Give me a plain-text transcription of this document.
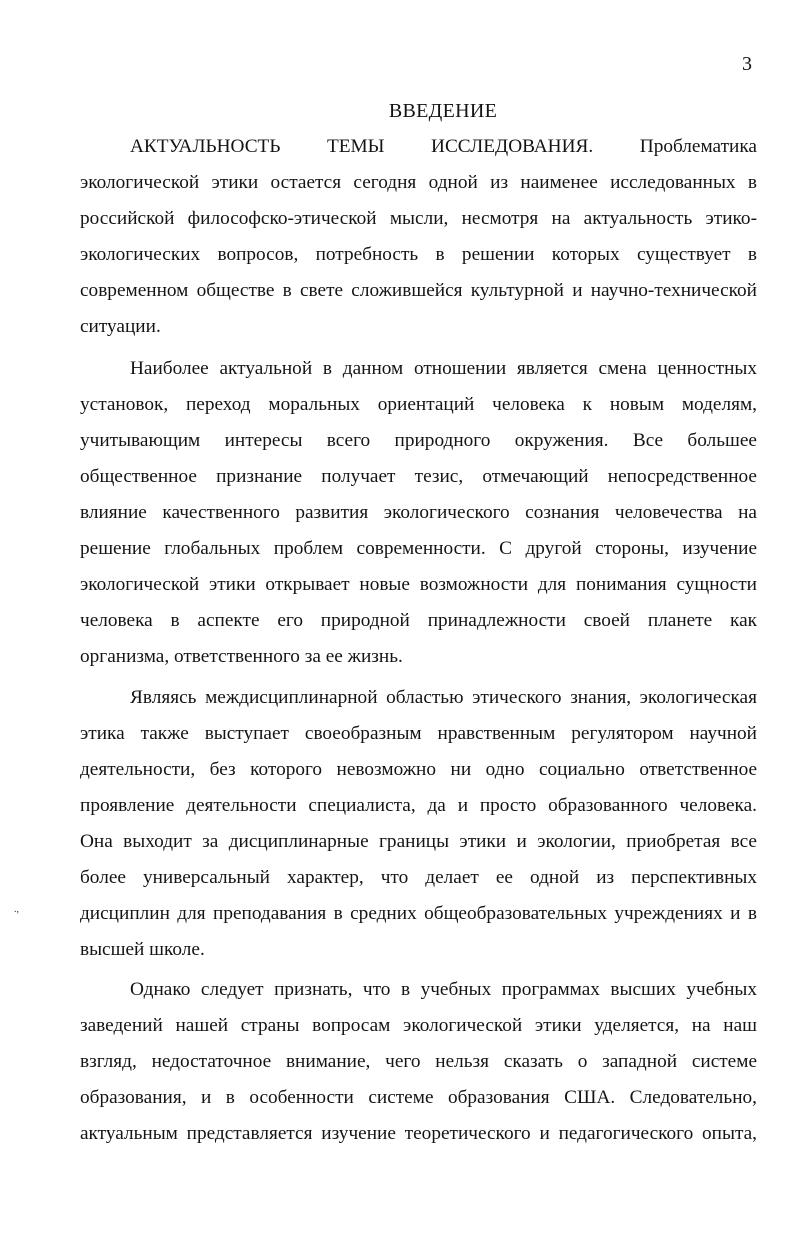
3
ВВЕДЕНИЕ
.,

АКТУАЛЬНОСТЬ ТЕМЫ ИССЛЕДОВАНИЯ. Проблематика
экологической этики остается сегодня одной из наименее исследованных в
российской философско-этической мысли, несмотря на актуальность этико-
экологических вопросов, потребность в решении которых существует в
современном обществе в свете сложившейся культурной и научно-технической
ситуации.

Наиболее актуальной в данном отношении является смена ценностных
установок, переход моральных ориентаций человека к новым моделям,
учитывающим интересы всего природного окружения. Все большее
общественное признание получает тезис, отмечающий непосредственное
влияние качественного развития экологического сознания человечества на
решение глобальных проблем современности. С другой стороны, изучение
экологической этики открывает новые возможности для понимания сущности
человека в аспекте его природной принадлежности своей планете как
организма, ответственного за ее жизнь.

Являясь междисциплинарной областью этического знания, экологическая
этика также выступает своеобразным нравственным регулятором научной
деятельности, без которого невозможно ни одно социально ответственное
проявление деятельности специалиста, да и просто образованного человека.
Она выходит за дисциплинарные границы этики и экологии, приобретая все
более универсальный характер, что делает ее одной из перспективных
дисциплин для преподавания в средних общеобразовательных учреждениях и в
высшей школе.

Однако следует признать, что в учебных программах высших учебных
заведений нашей страны вопросам экологической этики уделяется, на наш
взгляд, недостаточное внимание, чего нельзя сказать о западной системе
образования, и в особенности системе образования США. Следовательно,
актуальным представляется изучение теоретического и педагогического опыта,
